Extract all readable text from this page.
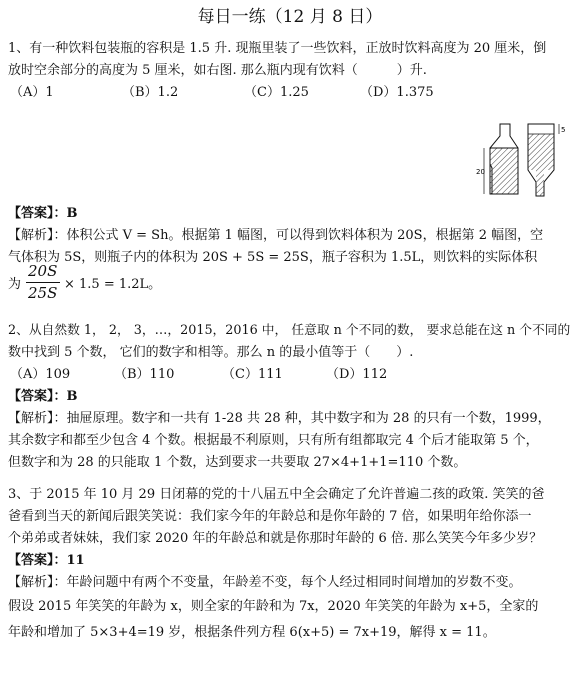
每日一练（12 月 8 日）
1、有一种饮料包装瓶的容积是 1.5 升. 现瓶里装了一些饮料，正放时饮料高度为 20 厘米，倒
放时空余部分的高度为 5 厘米，如右图. 那么瓶内现有饮料（　　　）升.
（A）1	（B）1.2	（C）1.25	（D）1.375
20
5
【答案】：B
【解析】：体积公式 V = Sh。根据第 1 幅图，可以得到饮料体积为 20S，根据第 2 幅图，空
气体积为 5S，则瓶子内的体积为 20S + 5S = 25S，瓶子容积为 1.5L，则饮料的实际体积
为
20S
25S × 1.5 = 1.2L。
2、从自然数 1， 2， 3，…，2015，2016 中， 任意取 n 个不同的数， 要求总能在这 n 个不同的
数中找到 5 个数， 它们的数字和相等。那么 n 的最小值等于（　　）.
（A）109	（B）110	（C）111	（D）112
【答案】：B
【解析】：抽屉原理。数字和一共有 1-28 共 28 种，其中数字和为 28 的只有一个数，1999，
其余数字和都至少包含 4 个数。根据最不利原则，只有所有组都取完 4 个后才能取第 5 个，
但数字和为 28 的只能取 1 个数，达到要求一共要取 27×4+1+1=110 个数。
3、于 2015 年 10 月 29 日闭幕的党的十八届五中全会确定了允许普遍二孩的政策. 笑笑的爸
爸看到当天的新闻后跟笑笑说：我们家今年的年龄总和是你年龄的 7 倍，如果明年给你添一
个弟弟或者妹妹，我们家 2020 年的年龄总和就是你那时年龄的 6 倍. 那么笑笑今年多少岁？
【答案】：11
【解析】：年龄问题中有两个不变量，年龄差不变，每个人经过相同时间增加的岁数不变。
假设 2015 年笑笑的年龄为 x，则全家的年龄和为 7x，2020 年笑笑的年龄为 x+5，全家的
年龄和增加了 5×3+4=19 岁，根据条件列方程 6(x+5) = 7x+19，解得 x = 11。
